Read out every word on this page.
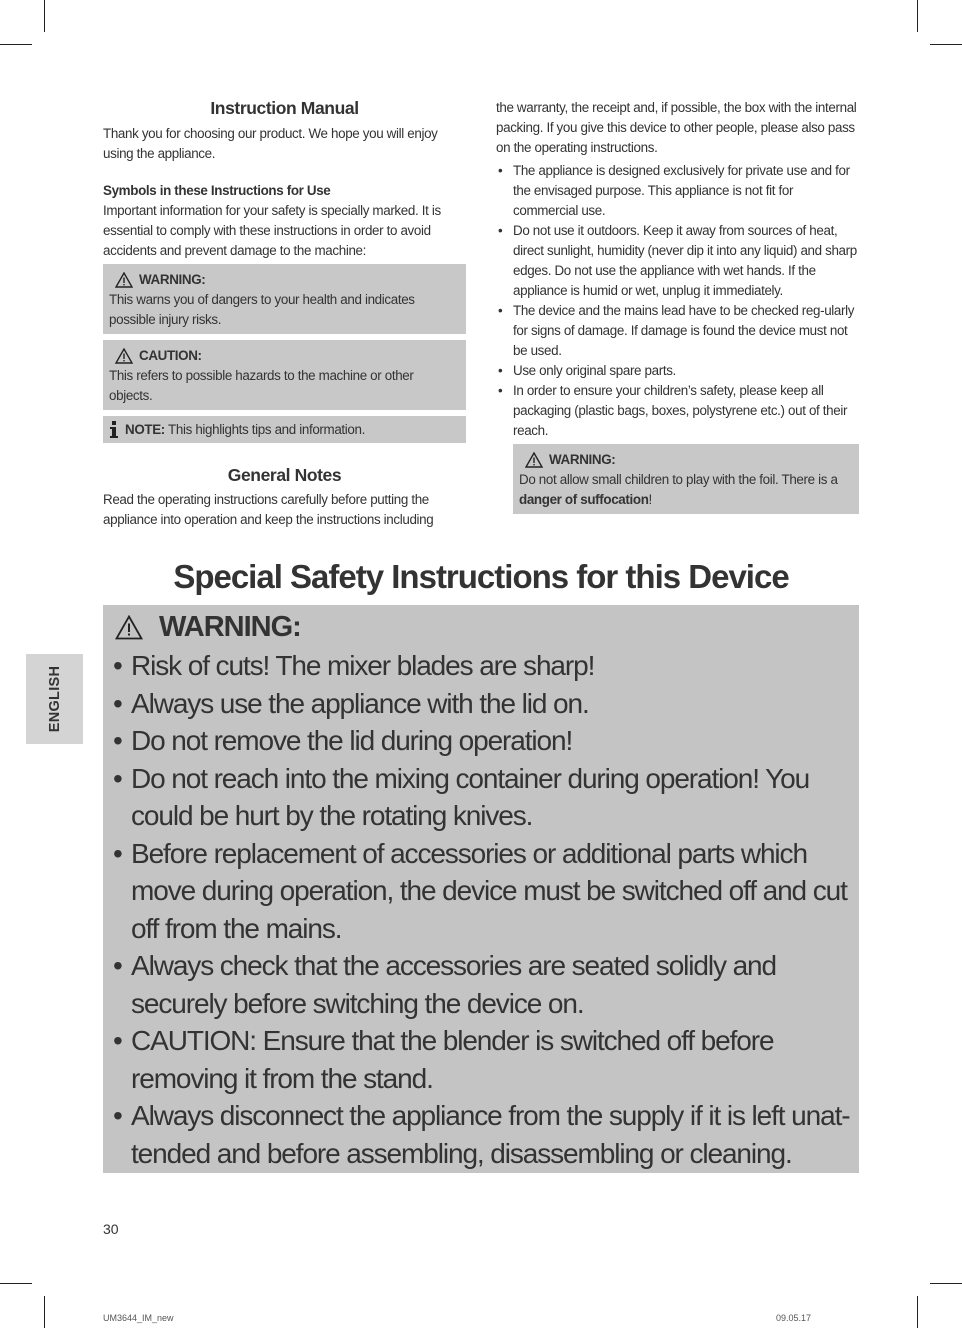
ENGLISH
Instruction Manual

Thank you for choosing our product. We hope you will enjoy using the appliance.

Symbols in these Instructions for Use

Important information for your safety is specially marked. It is essential to comply with these instructions in order to avoid accidents and prevent damage to the machine:

WARNING:

This warns you of dangers to your health and indicates possible injury risks.

CAUTION:

This refers to possible hazards to the machine or other objects.

NOTE: This highlights tips and information.
General Notes

Read the operating instructions carefully before putting the appliance into operation and keep the instructions including

the warranty, the receipt and, if possible, the box with the internal packing. If you give this device to other people, please also pass on the operating instructions.

• The appliance is designed exclusively for private use and for the envisaged purpose. This appliance is not fit for commercial use.
• Do not use it outdoors. Keep it away from sources of heat, direct sunlight, humidity (never dip it into any liquid) and sharp edges. Do not use the appliance with wet hands. If the appliance is humid or wet, unplug it immediately.
• The device and the mains lead have to be checked reg-ularly for signs of damage. If damage is found the device must not be used.
• Use only original spare parts.
• In order to ensure your children’s safety, please keep all packaging (plastic bags, boxes, polystyrene etc.) out of their reach.
WARNING:

Do not allow small children to play with the foil. There is a danger of suffocation!

Special Safety Instructions for this Device
WARNING:
• Risk of cuts! The mixer blades are sharp!
• Always use the appliance with the lid on.
• Do not remove the lid during operation!
• Do not reach into the mixing container during operation! You could be hurt by the rotating knives.
• Before replacement of accessories or additional parts which move during operation, the device must be switched off and cut off from the mains.
• Always check that the accessories are seated solidly and securely before switching the device on.
• CAUTION: Ensure that the blender is switched off before removing it from the stand.
• Always disconnect the appliance from the supply if it is left unat-tended and before assembling, disassembling or cleaning.
30
UM3644_IM_new	09.05.17
